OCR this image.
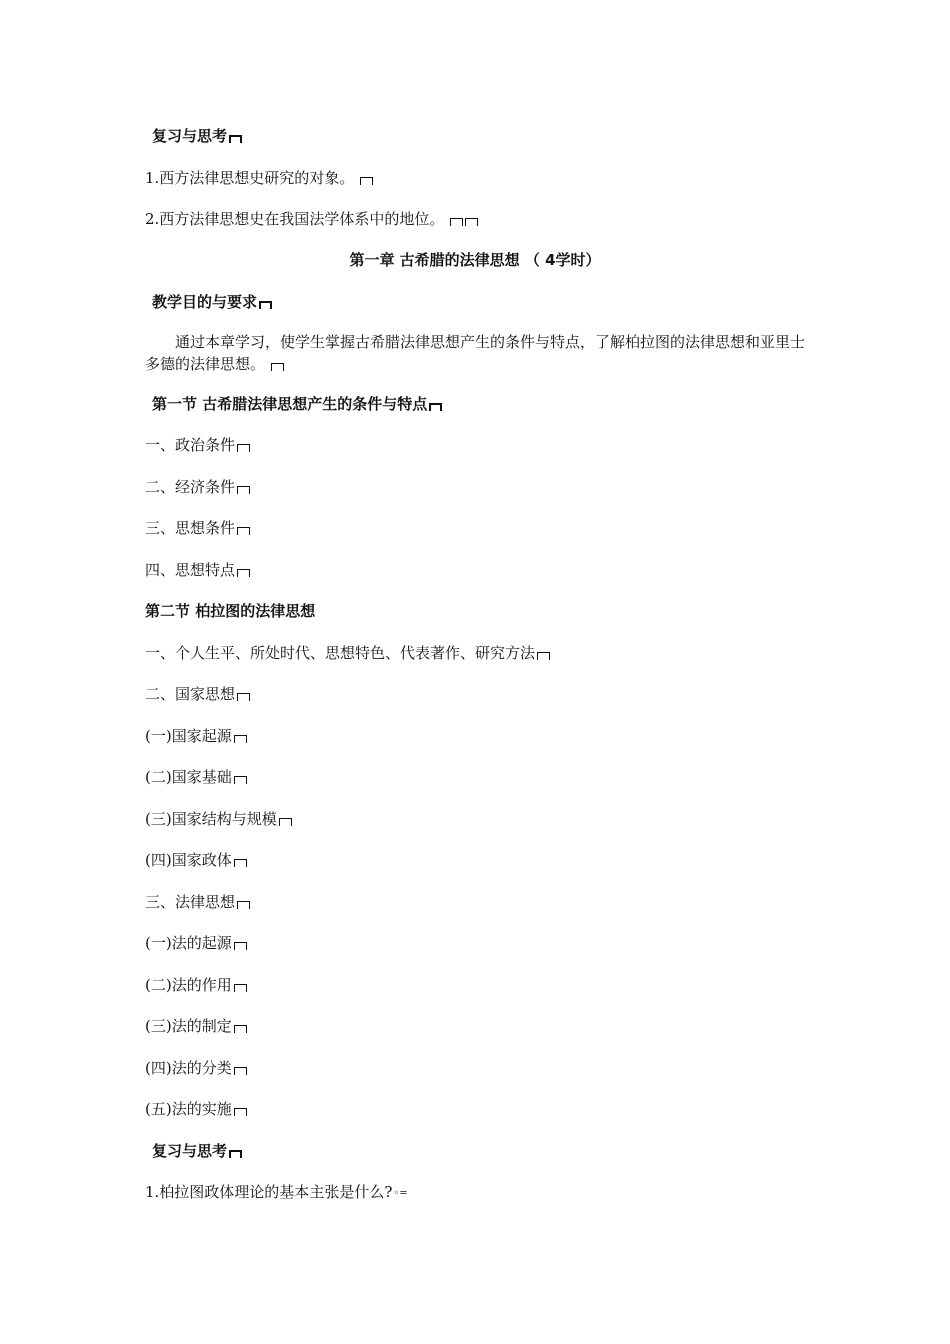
复习与思考
1.西方法律思想史研究的对象。
2.西方法律思想史在我国法学体系中的地位。
第一章 古希腊的法律思想 （ 4学时）
教学目的与要求
通过本章学习，使学生掌握古希腊法律思想产生的条件与特点，了解柏拉图的法律思想和亚里士多德的法律思想。
第一节 古希腊法律思想产生的条件与特点
一、政治条件
二、经济条件
三、思想条件
四、思想特点
第二节 柏拉图的法律思想
一、个人生平、所处时代、思想特色、代表著作、研究方法
二、国家思想
(一)国家起源
(二)国家基础
(三)国家结构与规模
(四)国家政体
三、法律思想
(一)法的起源
(二)法的作用
(三)法的制定
(四)法的分类
(五)法的实施
复习与思考
1.柏拉图政体理论的基本主张是什么?◦=
